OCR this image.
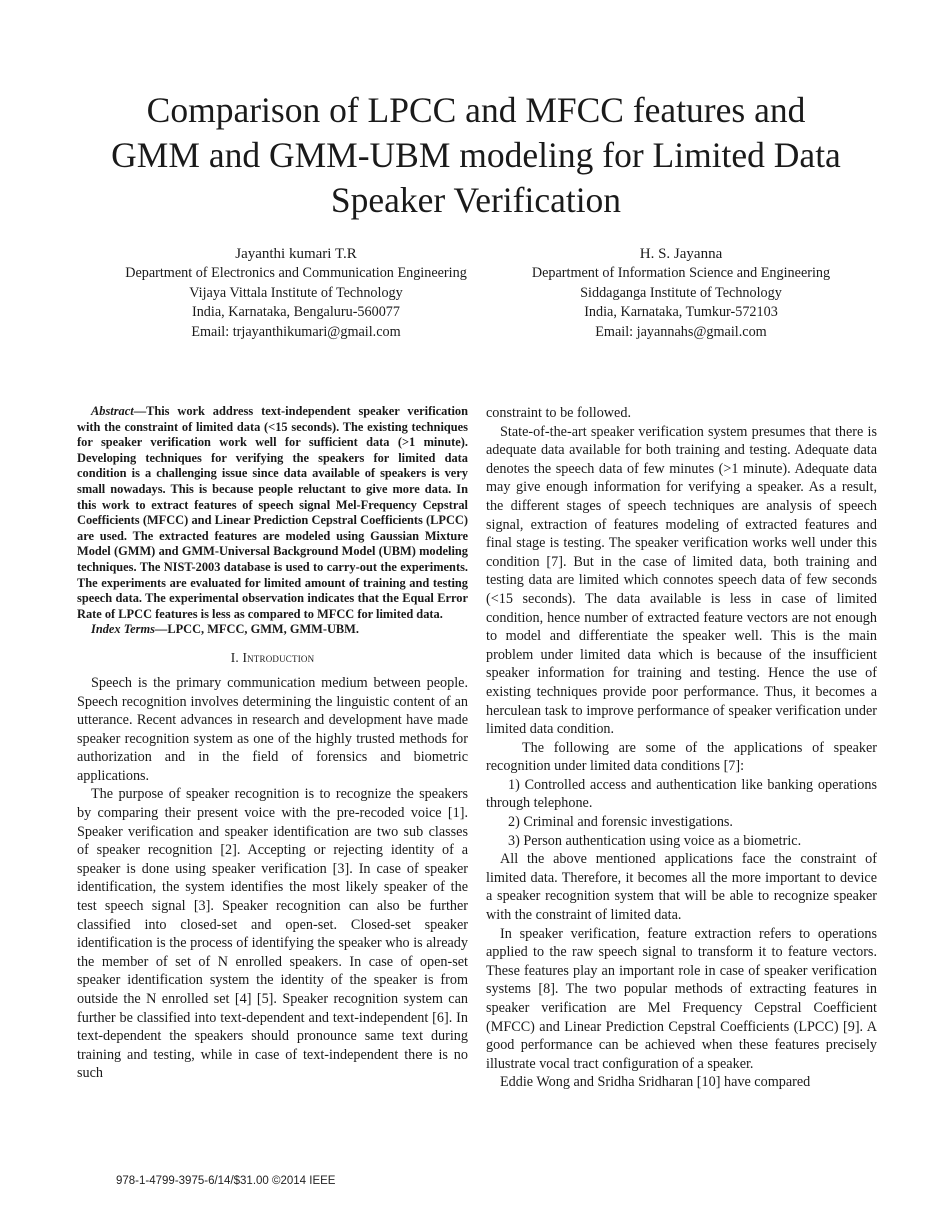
Comparison of LPCC and MFCC features and
GMM and GMM-UBM modeling for Limited Data
Speaker Verification
Jayanthi kumari T.R
Department of Electronics and Communication Engineering
Vijaya Vittala Institute of Technology
India, Karnataka, Bengaluru-560077
Email: trjayanthikumari@gmail.com
H. S. Jayanna
Department of Information Science and Engineering
Siddaganga Institute of Technology
India, Karnataka, Tumkur-572103
Email: jayannahs@gmail.com

Abstract—This work address text-independent speaker verification with the constraint of limited data (<15 seconds). The existing techniques for speaker verification work well for sufficient data (>1 minute). Developing techniques for verifying the speakers for limited data condition is a challenging issue since data available of speakers is very small nowadays. This is because people reluctant to give more data. In this work to extract features of speech signal Mel-Frequency Cepstral Coefficients (MFCC) and Linear Prediction Cepstral Coefficients (LPCC) are used. The extracted features are modeled using Gaussian Mixture Model (GMM) and GMM-Universal Background Model (UBM) modeling techniques. The NIST-2003 database is used to carry-out the experiments. The experiments are evaluated for limited amount of training and testing speech data. The experimental observation indicates that the Equal Error Rate of LPCC features is less as compared to MFCC for limited data.

Index Terms—LPCC, MFCC, GMM, GMM-UBM.

I. Introduction

Speech is the primary communication medium between people. Speech recognition involves determining the linguistic content of an utterance. Recent advances in research and development have made speaker recognition system as one of the highly trusted methods for authorization and in the field of forensics and biometric applications.

The purpose of speaker recognition is to recognize the speakers by comparing their present voice with the pre-recoded voice [1]. Speaker verification and speaker identification are two sub classes of speaker recognition [2]. Accepting or rejecting identity of a speaker is done using speaker verification [3]. In case of speaker identification, the system identifies the most likely speaker of the test speech signal [3]. Speaker recognition can also be further classified into closed-set and open-set. Closed-set speaker identification is the process of identifying the speaker who is already the member of set of N enrolled speakers. In case of open-set speaker identification system the identity of the speaker is from outside the N enrolled set [4] [5]. Speaker recognition system can further be classified into text-dependent and text-independent [6]. In text-dependent the speakers should pronounce same text during training and testing, while in case of text-independent there is no such

constraint to be followed.

State-of-the-art speaker verification system presumes that there is adequate data available for both training and testing. Adequate data denotes the speech data of few minutes (>1 minute). Adequate data may give enough information for verifying a speaker. As a result, the different stages of speech techniques are analysis of speech signal, extraction of features modeling of extracted features and final stage is testing. The speaker verification works well under this condition [7]. But in the case of limited data, both training and testing data are limited which connotes speech data of few seconds (<15 seconds). The data available is less in case of limited condition, hence number of extracted feature vectors are not enough to model and differentiate the speaker well. This is the main problem under limited data which is because of the insufficient speaker information for training and testing. Hence the use of existing techniques provide poor performance. Thus, it becomes a herculean task to improve performance of speaker verification under limited data condition.

The following are some of the applications of speaker recognition under limited data conditions [7]:

1) Controlled access and authentication like banking operations through telephone.

2) Criminal and forensic investigations.

3) Person authentication using voice as a biometric.

All the above mentioned applications face the constraint of limited data. Therefore, it becomes all the more important to device a speaker recognition system that will be able to recognize speaker with the constraint of limited data.

In speaker verification, feature extraction refers to operations applied to the raw speech signal to transform it to feature vectors. These features play an important role in case of speaker verification systems [8]. The two popular methods of extracting features in speaker verification are Mel Frequency Cepstral Coefficient (MFCC) and Linear Prediction Cepstral Coefficients (LPCC) [9]. A good performance can be achieved when these features precisely illustrate vocal tract configuration of a speaker.

Eddie Wong and Sridha Sridharan [10] have compared

978-1-4799-3975-6/14/$31.00 ©2014 IEEE
